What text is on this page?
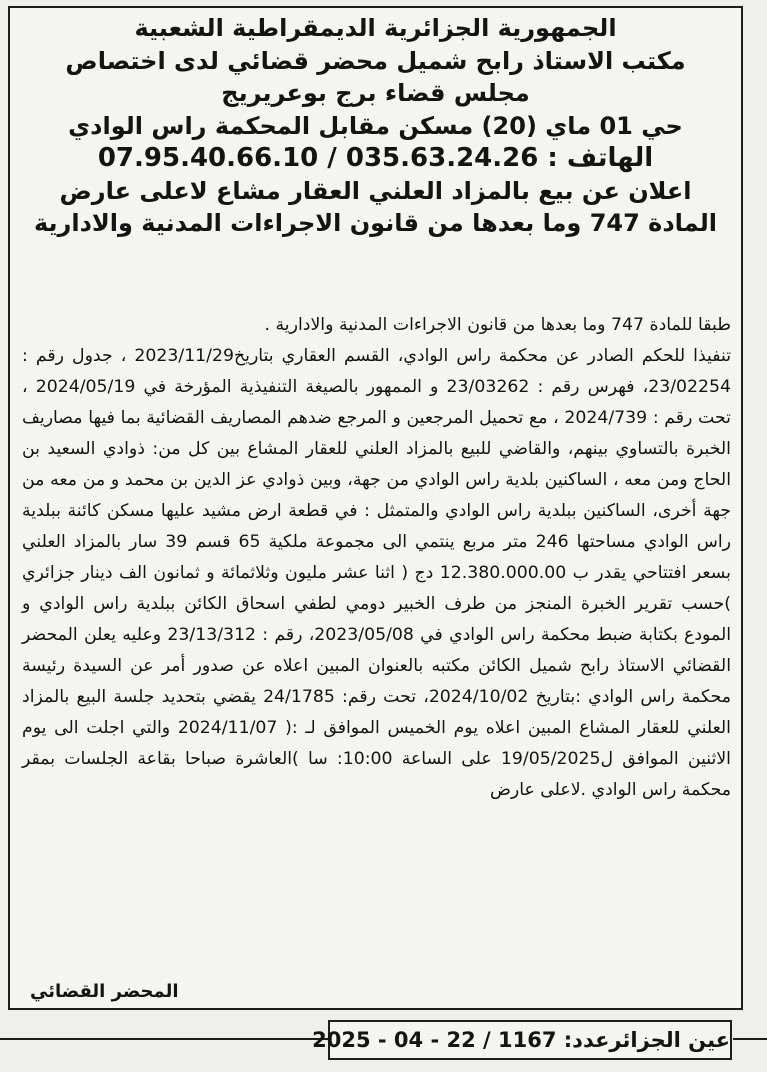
الجمهورية الجزائرية الديمقراطية الشعبية
مكتب الاستاذ رابح شميل محضر قضائي لدى اختصاص
مجلس قضاء برج بوعريريج
حي 01 ماي (20) مسكن مقابل المحكمة راس الوادي
الهاتف : 035.63.24.26 / 07.95.40.66.10
اعلان عن بيع بالمزاد العلني العقار مشاع لاعلى عارض
المادة 747 وما بعدها من قانون الاجراءات المدنية والادارية

طبقا للمادة 747 وما بعدها من قانون الاجراءات المدنية والادارية .

تنفيذا للحكم الصادر عن محكمة راس الوادي، القسم العقاري بتاريخ2023/11/29 ، جدول رقم : 23/02254، فهرس رقم : 23/03262 و الممهور بالصيغة التنفيذية المؤرخة في 2024/05/19 ، تحت رقم : 2024/739 ، مع تحميل المرجعين و المرجع ضدهم المصاريف القضائية بما فيها مصاريف الخبرة بالتساوي بينهم، والقاضي للبيع بالمزاد العلني للعقار المشاع بين كل من: ذوادي السعيد بن الحاج ومن معه ، الساكنين بلدية راس الوادي من جهة، وبين ذوادي عز الدين بن محمد و من معه من جهة أخرى، الساكنين ببلدية راس الوادي والمتمثل : في قطعة ارض مشيد عليها مسكن كائنة ببلدية راس الوادي مساحتها 246 متر مربع ينتمي الى مجموعة ملكية 65 قسم 39 سار بالمزاد العلني بسعر افتتاحي يقدر ب 12.380.000.00 دج ( اثنا عشر مليون وثلاثمائة و ثمانون الف دينار جزائري )حسب تقرير الخبرة المنجز من طرف الخبير دومي لطفي اسحاق الكائن ببلدية راس الوادي و المودع بكتابة ضبط محكمة راس الوادي في 2023/05/08، رقم : 23/13/312 وعليه يعلن المحضر القضائي الاستاذ رابح شميل الكائن مكتبه بالعنوان المبين اعلاه عن صدور أمر عن السيدة رئيسة محكمة راس الوادي :بتاريخ 2024/10/02، تحت رقم: 24/1785 يقضي بتحديد جلسة البيع بالمزاد العلني للعقار المشاع المبين اعلاه يوم الخميس الموافق لـ :( 2024/11/07 والتي اجلت الى يوم الاثنين الموافق ل19/05/2025 على الساعة 10:00: سا )العاشرة صباحا بقاعة الجلسات بمقر محكمة راس الوادي .لاعلى عارض

المحضر القضائي
عين الجزائرعدد: 1167 / 22 - 04 - 2025
